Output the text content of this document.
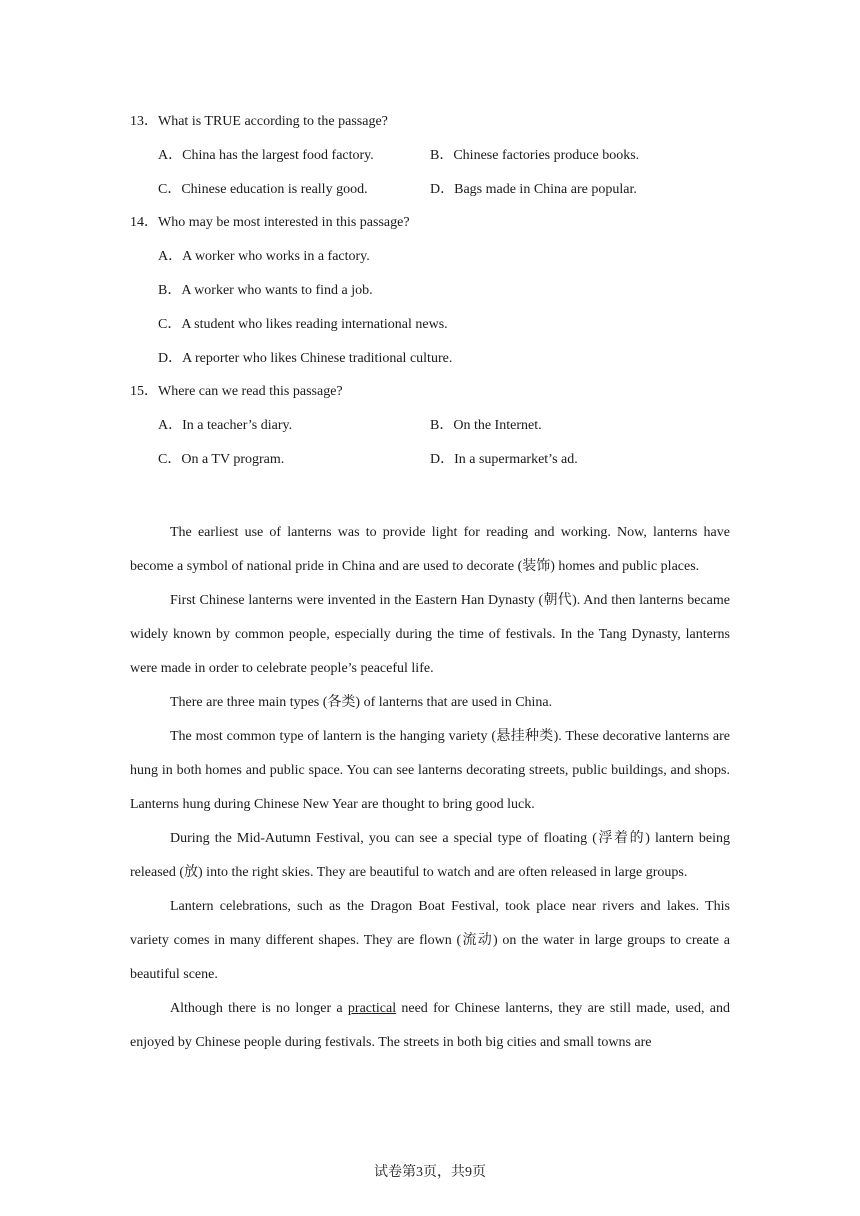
13．What is TRUE according to the passage?
A．China has the largest food factory.	B．Chinese factories produce books.
C．Chinese education is really good.	D．Bags made in China are popular.
14．Who may be most interested in this passage?
A．A worker who works in a factory.
B．A worker who wants to find a job.
C．A student who likes reading international news.
D．A reporter who likes Chinese traditional culture.
15．Where can we read this passage?
A．In a teacher’s diary.	B．On the Internet.
C．On a TV program.	D．In a supermarket’s ad.

The earliest use of lanterns was to provide light for reading and working. Now, lanterns have become a symbol of national pride in China and are used to decorate (装饰) homes and public places.

First Chinese lanterns were invented in the Eastern Han Dynasty (朝代). And then lanterns became widely known by common people, especially during the time of festivals. In the Tang Dynasty, lanterns were made in order to celebrate people’s peaceful life.

There are three main types (各类) of lanterns that are used in China.

The most common type of lantern is the hanging variety (悬挂种类). These decorative lanterns are hung in both homes and public space. You can see lanterns decorating streets, public buildings, and shops. Lanterns hung during Chinese New Year are thought to bring good luck.

During the Mid-Autumn Festival, you can see a special type of floating (浮着的) lantern being released (放) into the right skies. They are beautiful to watch and are often released in large groups.

Lantern celebrations, such as the Dragon Boat Festival, took place near rivers and lakes. This variety comes in many different shapes. They are flown (流动) on the water in large groups to create a beautiful scene.

Although there is no longer a practical need for Chinese lanterns, they are still made, used, and enjoyed by Chinese people during festivals. The streets in both big cities and small towns are

试卷第3页，共9页
